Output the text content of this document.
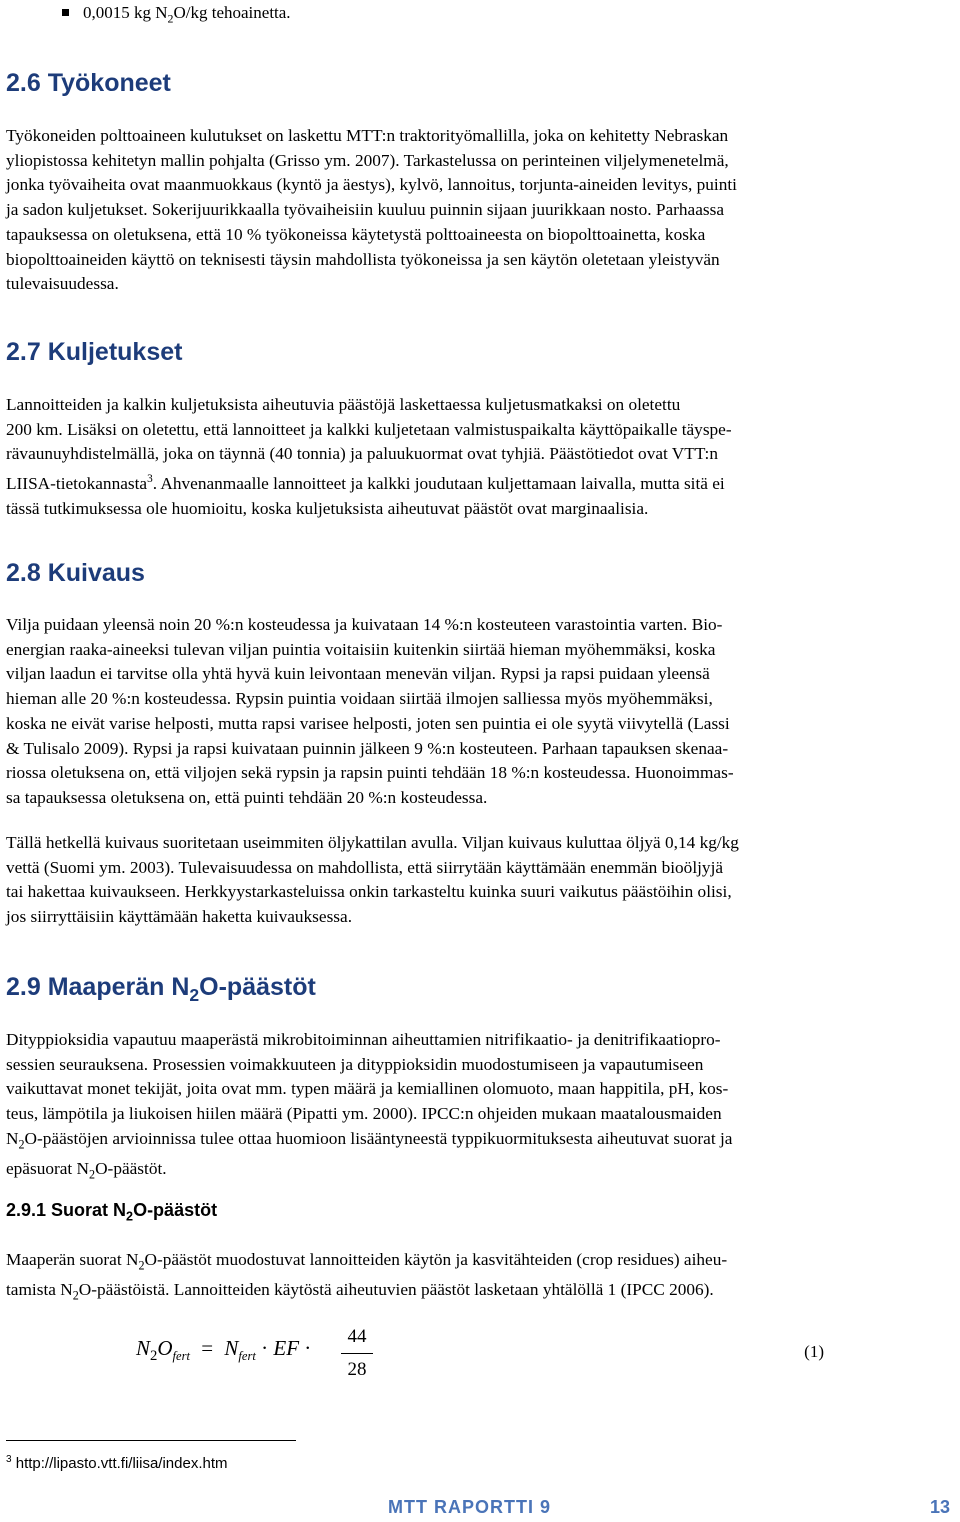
0,0015 kg $N_2O/kg$ tehoainetta.
2.6 Työkoneet
Työkoneiden polttoaineen kulutukset on laskettu MTT:n traktorityömallilla, joka on kehitetty Nebraskan
yliopistossa kehitetyn mallin pohjalta (Grisso ym. 2007). Tarkastelussa on perinteinen viljelymenetelmä,
jonka työvaiheita ovat maanmuokkaus (kyntö ja äestys), kylvö, lannoitus, torjunta-aineiden levitys, puinti
ja sadon kuljetukset. Sokerijuurikkaalla työvaiheisiin kuuluu puinnin sijaan juurikkaan nosto. Parhaassa
tapauksessa on oletuksena, että 10 % työkoneissa käytetystä polttoaineesta on biopolttoainetta, koska
biopolttoaineiden käyttö on teknisesti täysin mahdollista työkoneissa ja sen käytön oletetaan yleistyvän
tulevaisuudessa.
2.7 Kuljetukset
Lannoitteiden ja kalkin kuljetuksista aiheutuvia päästöjä laskettaessa kuljetusmatkaksi on oletettu
200 km. Lisäksi on oletettu, että lannoitteet ja kalkki kuljetetaan valmistuspaikalta käyttöpaikalle täyspe-
rävaunuyhdistelmällä, joka on täynnä (40 tonnia) ja paluukuormat ovat tyhjiä. Päästötiedot ovat VTT:n
LIISA-tietokannasta$^3$. Ahvenanmaalle lannoitteet ja kalkki joudutaan kuljettamaan laivalla, mutta sitä ei
tässä tutkimuksessa ole huomioitu, koska kuljetuksista aiheutuvat päästöt ovat marginaalisia.
2.8 Kuivaus
Vilja puidaan yleensä noin 20 %:n kosteudessa ja kuivataan 14 %:n kosteuteen varastointia varten. Bio-
energian raaka-aineeksi tulevan viljan puintia voitaisiin kuitenkin siirtää hieman myöhemmäksi, koska
viljan laadun ei tarvitse olla yhtä hyvä kuin leivontaan menevän viljan. Rypsi ja rapsi puidaan yleensä
hieman alle 20 %:n kosteudessa. Rypsin puintia voidaan siirtää ilmojen salliessa myös myöhemmäksi,
koska ne eivät varise helposti, mutta rapsi varisee helposti, joten sen puintia ei ole syytä viivytellä (Lassi
& Tulisalo 2009). Rypsi ja rapsi kuivataan puinnin jälkeen 9 %:n kosteuteen. Parhaan tapauksen skenaa-
riossa oletuksena on, että viljojen sekä rypsin ja rapsin puinti tehdään 18 %:n kosteudessa. Huonoimmas-
sa tapauksessa oletuksena on, että puinti tehdään 20 %:n kosteudessa.
Tällä hetkellä kuivaus suoritetaan useimmiten öljykattilan avulla. Viljan kuivaus kuluttaa öljyä 0,14 kg/kg
vettä (Suomi ym. 2003). Tulevaisuudessa on mahdollista, että siirrytään käyttämään enemmän bioöljyjä
tai hakettaa kuivaukseen. Herkkyystarkasteluissa onkin tarkasteltu kuinka suuri vaikutus päästöihin olisi,
jos siirryttäisiin käyttämään haketta kuivauksessa.
2.9 Maaperän $N_2O$-päästöt
Dityppioksidia vapautuu maaperästä mikrobitoiminnan aiheuttamien nitrifikaatio- ja denitrifikaatiopro-
sessien seurauksena. Prosessien voimakkuuteen ja dityppioksidin muodostumiseen ja vapautumiseen
vaikuttavat monet tekijät, joita ovat mm. typen määrä ja kemiallinen olomuoto, maan happitila, pH, kos-
teus, lämpötila ja liukoisen hiilen määrä (Pipatti ym. 2000). IPCC:n ohjeiden mukaan maatalousmaiden
$N_2O$-päästöjen arvioinnissa tulee ottaa huomioon lisääntyneestä typpikuormituksesta aiheutuvat suorat ja
epäsuorat $N_2O$-päästöt.
2.9.1 Suorat $N_2O$-päästöt
Maaperän suorat $N_2O$-päästöt muodostuvat lannoitteiden käytön ja kasvitähteiden (crop residues) aiheu-
tamista $N_2O$-päästöistä. Lannoitteiden käytöstä aiheutuvien päästöt lasketaan yhtälöllä 1 (IPCC 2006).
$N_2O_{fert} = N_{fert}$ · EF ·	44
28
(1)
$^3$ http://lipasto.vtt.fi/liisa/index.htm
MTT RAPORTTI 9	13
